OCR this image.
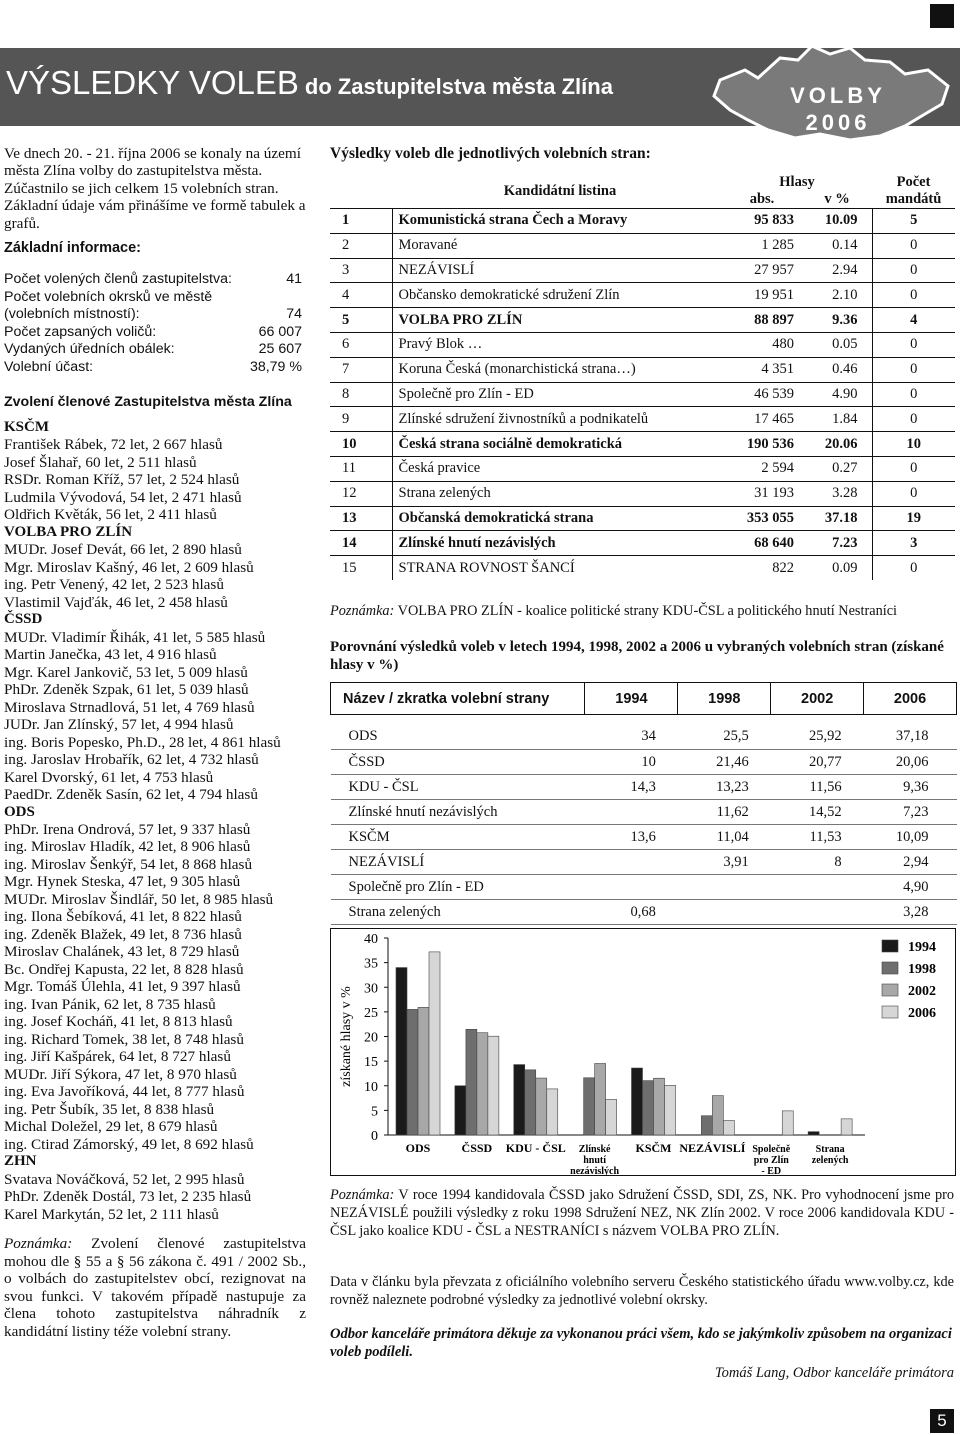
VÝSLEDKY VOLEB do Zastupitelstva města Zlína	VOLBY
2006

Ve dnech 20. - 21. října 2006 se konaly na území města Zlína volby do zastupitelstva města. Zúčastnilo se jich celkem 15 volebních stran. Základní údaje vám přinášíme ve formě tabulek a grafů.

Základní informace:
Počet volených členů zastupitelstva:	41
Počet volebních okrsků ve městě
(volebních místností):	74
Počet zapsaných voličů:	66 007
Vydaných úředních obálek:	25 607
Volební účast:	38,79 %
Zvolení členové Zastupitelstva města Zlína
KSČM
František Rábek, 72 let, 2 667 hlasů
Josef Šlahař, 60 let, 2 511 hlasů
RSDr. Roman Kříž, 57 let, 2 524 hlasů
Ludmila Vývodová, 54 let, 2 471 hlasů
Oldřich Květák, 56 let, 2 411 hlasů
VOLBA PRO ZLÍN
MUDr. Josef Devát, 66 let, 2 890 hlasů
Mgr. Miroslav Kašný, 46 let, 2 609 hlasů
ing. Petr Venený, 42 let, 2 523 hlasů
Vlastimil Vajďák, 46 let, 2 458 hlasů
ČSSD
MUDr. Vladimír Řihák, 41 let, 5 585 hlasů
Martin Janečka, 43 let, 4 916 hlasů
Mgr. Karel Jankovič, 53 let, 5 009 hlasů
PhDr. Zdeněk Szpak, 61 let, 5 039 hlasů
Miroslava Strnadlová, 51 let, 4 769 hlasů
JUDr. Jan Zlínský, 57 let, 4 994 hlasů
ing. Boris Popesko, Ph.D., 28 let, 4 861 hlasů
ing. Jaroslav Hrobařík, 62 let, 4 732 hlasů
Karel Dvorský, 61 let, 4 753 hlasů
PaedDr. Zdeněk Sasín, 62 let, 4 794 hlasů
ODS
PhDr. Irena Ondrová, 57 let, 9 337 hlasů
ing. Miroslav Hladík, 42 let, 8 906 hlasů
ing. Miroslav Šenkýř, 54 let, 8 868 hlasů
Mgr. Hynek Steska, 47 let, 9 305 hlasů
MUDr. Miroslav Šindlář, 50 let, 8 985 hlasů
ing. Ilona Šebíková, 41 let, 8 822 hlasů
ing. Zdeněk Blažek, 49 let, 8 736 hlasů
Miroslav Chalánek, 43 let, 8 729 hlasů
Bc. Ondřej Kapusta, 22 let, 8 828 hlasů
Mgr. Tomáš Úlehla, 41 let, 9 397 hlasů
ing. Ivan Pánik, 62 let, 8 735 hlasů
ing. Josef Kocháň, 41 let, 8 813 hlasů
ing. Richard Tomek, 38 let, 8 748 hlasů
ing. Jiří Kašpárek, 64 let, 8 727 hlasů
MUDr. Jiří Sýkora, 47 let, 8 970 hlasů
ing. Eva Javoříková, 44 let, 8 777 hlasů
ing. Petr Šubík, 35 let, 8 838 hlasů
Michal Doležel, 29 let, 8 679 hlasů
ing. Ctirad Zámorský, 49 let, 8 692 hlasů
ZHN
Svatava Nováčková, 52 let, 2 995 hlasů
PhDr. Zdeněk Dostál, 73 let, 2 235 hlasů
Karel Markytán, 52 let, 2 111 hlasů

Poznámka: Zvolení členové zastupitelstva mohou dle § 55 a § 56 zákona č. 491 / 2002 Sb., o volbách do zastupitelstev obcí, rezignovat na svou funkci. V takovém případě nastupuje za člena tohoto zastupitelstva náhradník z kandidátní listiny téže volební strany.

Výsledky voleb dle jednotlivých volebních stran:
	Kandidátní listina	Hlasy		Počet
		abs.	v %	mandátů
1	Komunistická strana Čech a Moravy	95 833	10.09	5
2	Moravané	1 285	0.14	0
3	NEZÁVISLÍ	27 957	2.94	0
4	Občansko demokratické sdružení Zlín	19 951	2.10	0
5	VOLBA PRO ZLÍN	88 897	9.36	4
6	Pravý Blok …	480	0.05	0
7	Koruna Česká (monarchistická strana…)	4 351	0.46	0
8	Společně pro Zlín - ED	46 539	4.90	0
9	Zlínské sdružení živnostníků a podnikatelů	17 465	1.84	0
10	Česká strana sociálně demokratická	190 536	20.06	10
11	Česká pravice	2 594	0.27	0
12	Strana zelených	31 193	3.28	0
13	Občanská demokratická strana	353 055	37.18	19
14	Zlínské hnutí nezávislých	68 640	7.23	3
15	STRANA ROVNOST ŠANCÍ	822	0.09	0
Poznámka: VOLBA PRO ZLÍN - koalice politické strany KDU-ČSL a politického hnutí Nestraníci
Porovnání výsledků voleb v letech 1994, 1998, 2002 a 2006 u vybraných volebních stran (získané hlasy v %)
Název / zkratka volební strany	1994	1998	2002	2006

ODS	34	25,5	25,92	37,18
ČSSD	10	21,46	20,77	20,06
KDU - ČSL	14,3	13,23	11,56	9,36
Zlínské hnutí nezávislých		11,62	14,52	7,23
KSČM	13,6	11,04	11,53	10,09
NEZÁVISLÍ		3,91	8	2,94
Společně pro Zlín - ED				4,90
Strana zelených	0,68			3,28
0
5
10
15
20
25
30
35
40
získané hlasy v %
ODS	ČSSD KDU - ČSL Zlínské
hnutí
nezávislých
KSČM NEZÁVISLÍ Společně
pro Zlín
- ED
Strana
zelených
1994
1998
2002
2006

Poznámka: V roce 1994 kandidovala ČSSD jako Sdružení ČSSD, SDI, ZS, NK. Pro vyhodnocení jsme pro NEZÁVISLÉ použili výsledky z roku 1998 Sdružení NEZ, NK Zlín 2002. V roce 2006 kandidovala KDU - ČSL jako koalice KDU - ČSL a NESTRANÍCI s názvem VOLBA PRO ZLÍN.

Data v článku byla převzata z oficiálního volebního serveru Českého statistického úřadu www.volby.cz, kde rovněž naleznete podrobné výsledky za jednotlivé volební okrsky.

Odbor kanceláře primátora děkuje za vykonanou práci všem, kdo se jakýmkoliv způsobem na organizaci voleb podíleli.

Tomáš Lang, Odbor kanceláře primátora
5
